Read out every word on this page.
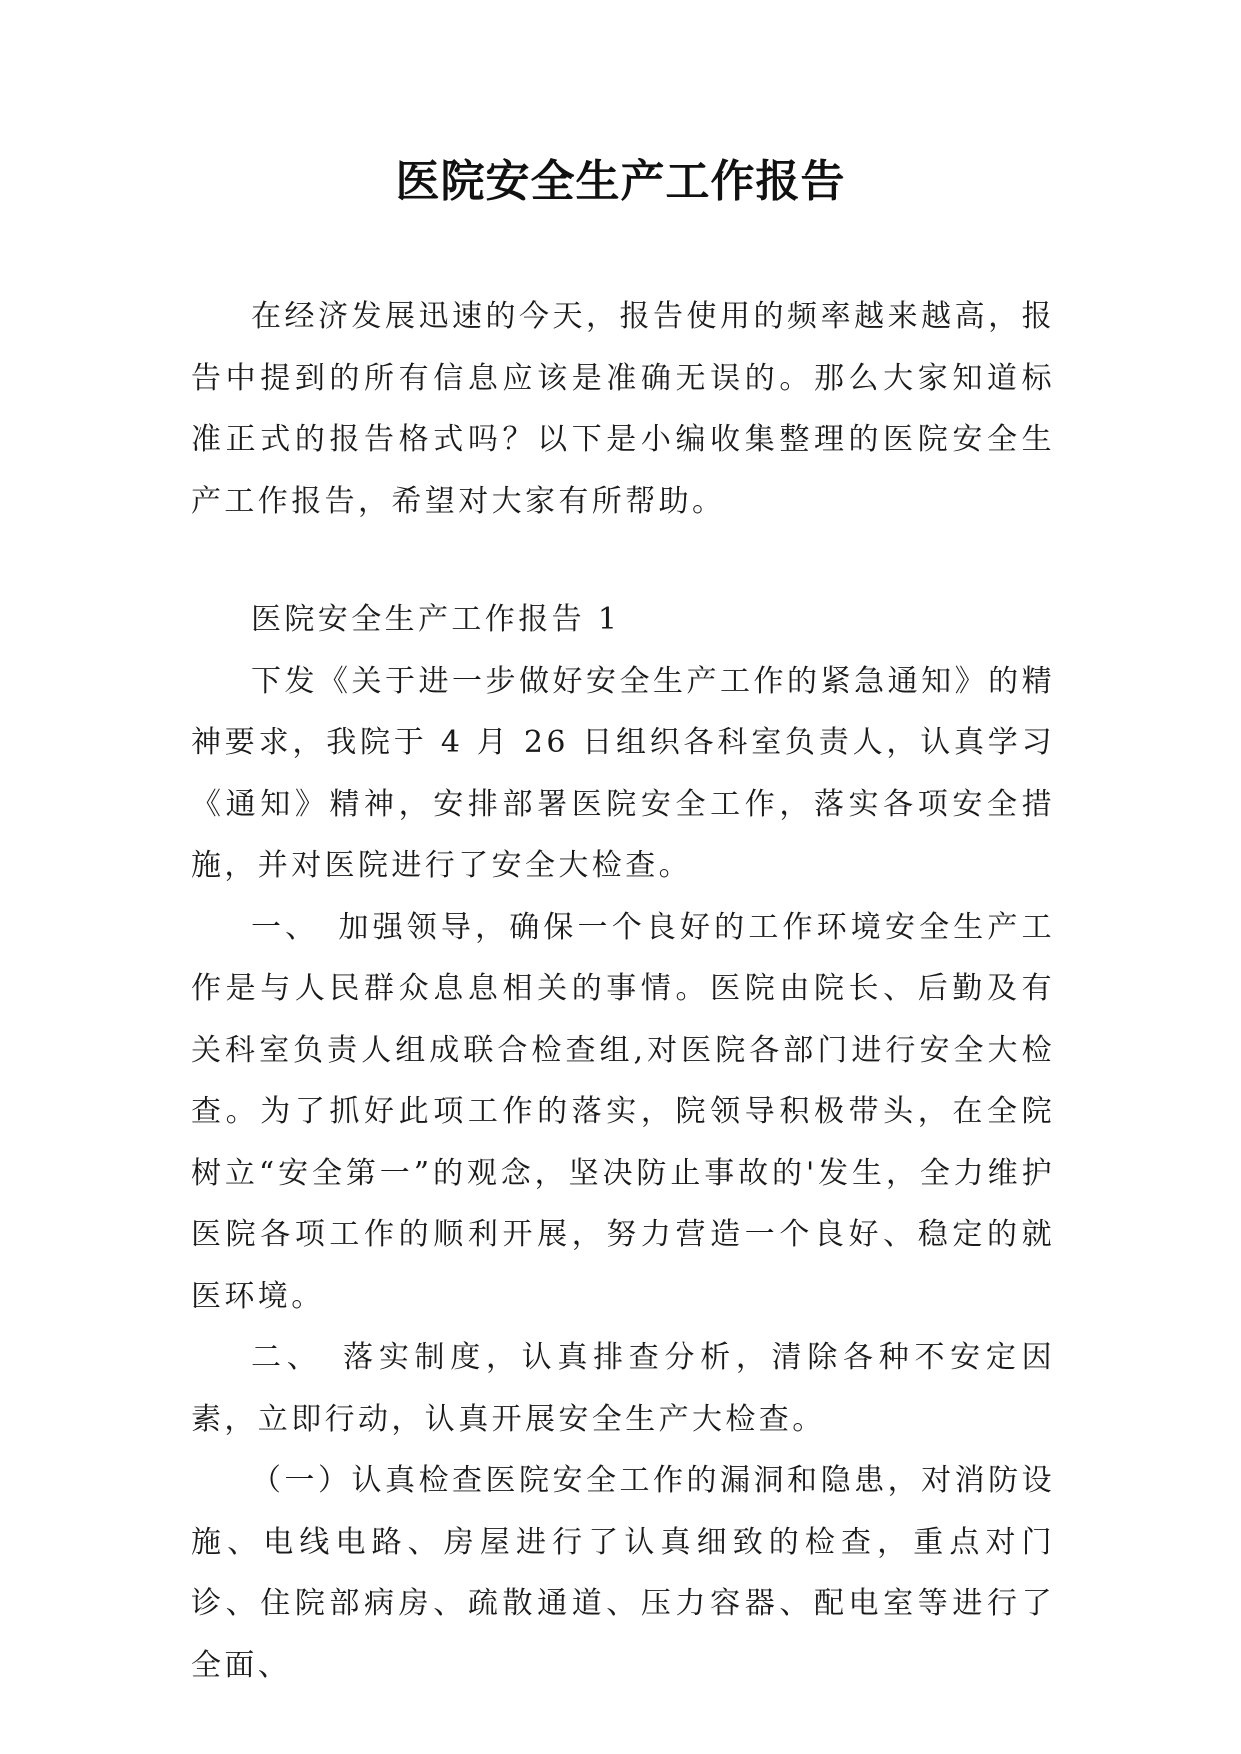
医院安全生产工作报告

在经济发展迅速的今天，报告使用的频率越来越高，报告中提到的所有信息应该是准确无误的。那么大家知道标准正式的报告格式吗？以下是小编收集整理的医院安全生产工作报告，希望对大家有所帮助。

医院安全生产工作报告 1

下发《关于进一步做好安全生产工作的紧急通知》的精神要求，我院于 4 月 26 日组织各科室负责人，认真学习《通知》精神，安排部署医院安全工作，落实各项安全措施，并对医院进行了安全大检查。

一、　加强领导，确保一个良好的工作环境安全生产工作是与人民群众息息相关的事情。医院由院长、后勤及有关科室负责人组成联合检查组,对医院各部门进行安全大检查。为了抓好此项工作的落实，院领导积极带头，在全院树立“安全第一”的观念，坚决防止事故的'发生，全力维护医院各项工作的顺利开展，努力营造一个良好、稳定的就医环境。

二、　落实制度，认真排查分析，清除各种不安定因素，立即行动，认真开展安全生产大检查。

（一）认真检查医院安全工作的漏洞和隐患，对消防设施、电线电路、房屋进行了认真细致的检查，重点对门诊、住院部病房、疏散通道、压力容器、配电室等进行了全面、
